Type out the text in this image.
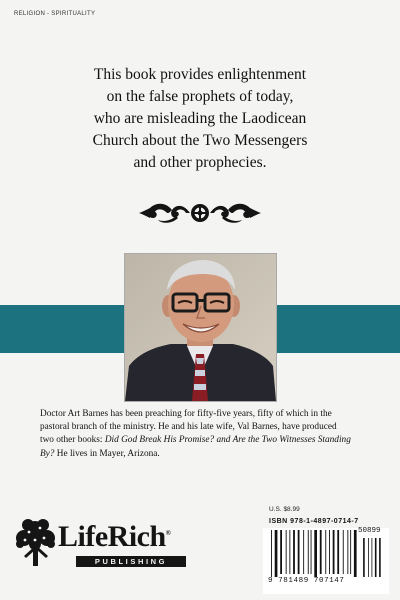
RELIGION - SPIRITUALITY
This book provides enlightenment
on the false prophets of today,
who are misleading the Laodicean
Church about the Two Messengers
and other prophecies.
Doctor Art Barnes has been preaching for fifty-five years, fifty of which in the
pastoral branch of the ministry. He and his late wife, Val Barnes, have produced
two other books: Did God Break His Promise? and Are the Two Witnesses Standing
By? He lives in Mayer, Arizona.
LifeRich®
PUBLISHING
U.S. $8.99
ISBN 978-1-4897-0714-7
50899
9 781489 707147
